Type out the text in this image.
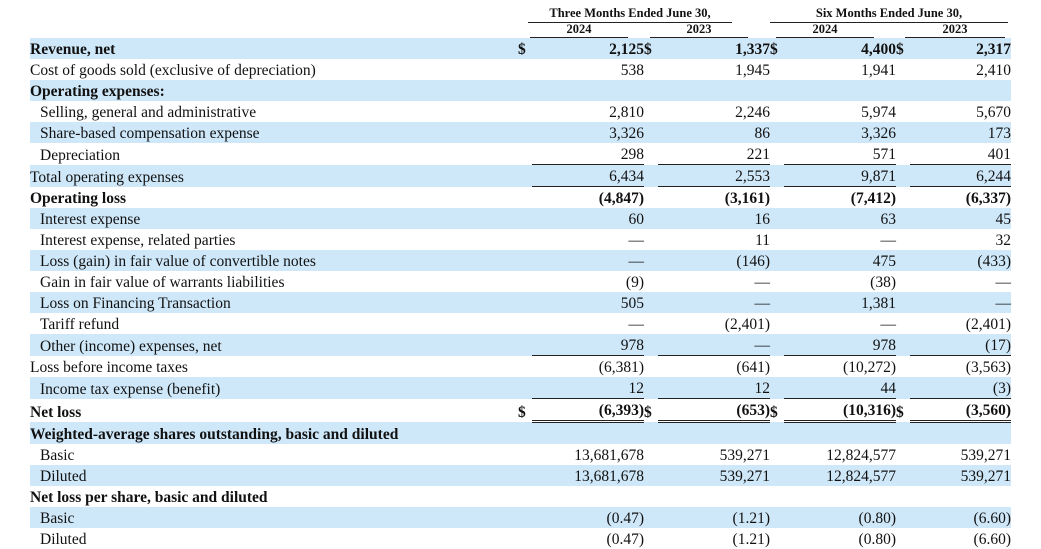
Three Months Ended June 30,	Six Months Ended June 30,
2024	2023	2024	2023
Revenue, net		$	2,125	$	1,337	$	4,400	$	2,317
Cost of goods sold (exclusive of depreciation)			538		1,945		1,941		2,410
Operating expenses:									
Selling, general and administrative			2,810		2,246		5,974		5,670
Share-based compensation expense			3,326		86		3,326		173
Depreciation			298		221		571		401
Total operating expenses			6,434		2,553		9,871		6,244
Operating loss			(4,847)		(3,161)		(7,412)		(6,337)
Interest expense			60		16		63		45
Interest expense, related parties			—		11		—		32
Loss (gain) in fair value of convertible notes			—		(146)		475		(433)
Gain in fair value of warrants liabilities			(9)		—		(38)		—
Loss on Financing Transaction			505		—		1,381		—
Tariff refund			—		(2,401)		—		(2,401)
Other (income) expenses, net			978		—		978		(17)
Loss before income taxes			(6,381)		(641)		(10,272)		(3,563)
Income tax expense (benefit)			12		12		44		(3)
Net loss		$	(6,393)	$	(653)	$	(10,316)	$	(3,560)
Weighted-average shares outstanding, basic and diluted									
Basic			13,681,678		539,271		12,824,577		539,271
Diluted			13,681,678		539,271		12,824,577		539,271
Net loss per share, basic and diluted									
Basic			(0.47)		(1.21)		(0.80)		(6.60)
Diluted			(0.47)		(1.21)		(0.80)		(6.60)
